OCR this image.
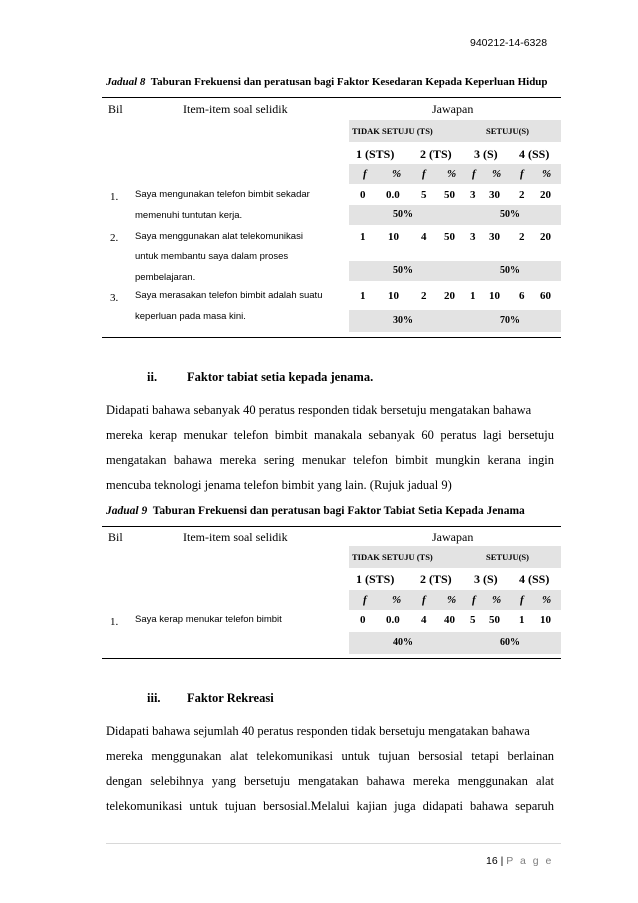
940212-14-6328
Jadual 8 Taburan Frekuensi dan peratusan bagi Faktor Kesedaran Kepada Keperluan Hidup
Bil	Item-item soal selidik	Jawapan
TIDAK SETUJU (TS)	SETUJU(S)
1 (STS) 2 (TS) 3 (S) 4 (SS)
f % f % f % f %
1. Saya mengunakan telefon bimbit sekadar
memenuhi tuntutan kerja.
0 0.0 5 50 3 30 2 20
50%	50%
2. Saya menggunakan alat telekomunikasi
untuk membantu saya dalam proses
pembelajaran.
1 10 4 50 3 30 2 20
50%	50%
3. Saya merasakan telefon bimbit adalah suatu
keperluan pada masa kini.
1 10 2 20 1 10 6 60
30%	70%
ii. Faktor tabiat setia kepada jenama.

Didapati bahawa sebanyak 40 peratus responden tidak bersetuju mengatakan bahawa

mereka kerap menukar telefon bimbit manakala sebanyak 60 peratus lagi bersetuju

mengatakan bahawa mereka sering menukar telefon bimbit mungkin kerana ingin

mencuba teknologi jenama telefon bimbit yang lain. (Rujuk jadual 9)

Jadual 9 Taburan Frekuensi dan peratusan bagi Faktor Tabiat Setia Kepada Jenama
Bil	Item-item soal selidik	Jawapan
TIDAK SETUJU (TS)	SETUJU(S)
1 (STS) 2 (TS) 3 (S) 4 (SS)
f % f % f % f %
1. Saya kerap menukar telefon bimbit	0 0.0 4 40 5 50 1 10
40%	60%
iii. Faktor Rekreasi

Didapati bahawa sejumlah 40 peratus responden tidak bersetuju mengatakan bahawa

mereka menggunakan alat telekomunikasi untuk tujuan bersosial tetapi berlainan

dengan selebihnya yang bersetuju mengatakan bahawa mereka menggunakan alat

telekomunikasi untuk tujuan bersosial.Melalui kajian juga didapati bahawa separuh

16 | P a g e
